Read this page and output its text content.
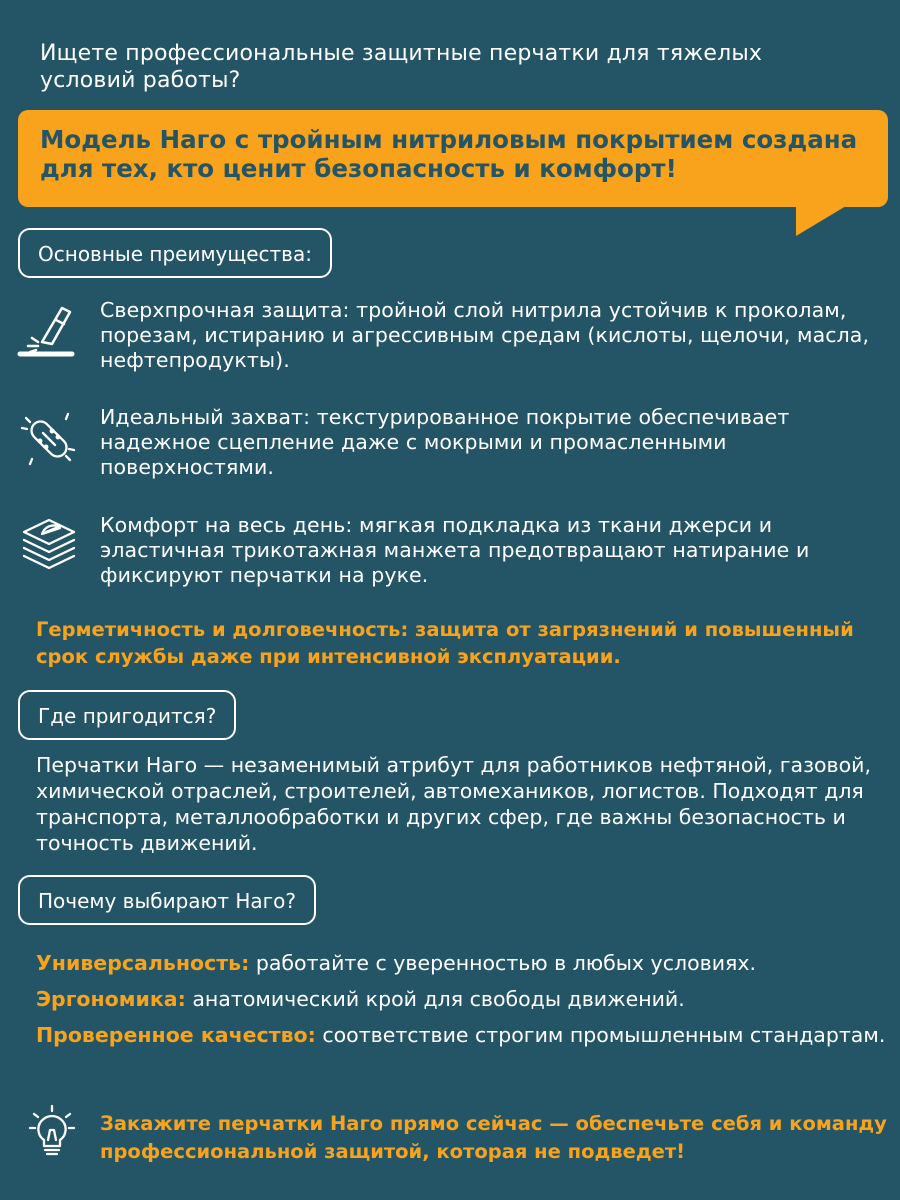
Ищете профессиональные защитные перчатки для тяжелых условий работы?
Модель Наго с тройным нитриловым покрытием создана для тех, кто ценит безопасность и комфорт!
Основные преимущества:
Сверхпрочная защита: тройной слой нитрила устойчив к проколам, порезам, истиранию и агрессивным средам (кислоты, щелочи, масла, нефтепродукты).
Идеальный захват: текстурированное покрытие обеспечивает надежное сцепление даже с мокрыми и промасленными поверхностями.
Комфорт на весь день: мягкая подкладка из ткани джерси и эластичная трикотажная манжета предотвращают натирание и фиксируют перчатки на руке.
Герметичность и долговечность: защита от загрязнений и повышенный срок службы даже при интенсивной эксплуатации.
Где пригодится?
Перчатки Наго — незаменимый атрибут для работников нефтяной, газовой, химической отраслей, строителей, автомехаников, логистов. Подходят для транспорта, металлообработки и других сфер, где важны безопасность и точность движений.
Почему выбирают Наго?
Универсальность: работайте с уверенностью в любых условиях.
Эргономика: анатомический крой для свободы движений.
Проверенное качество: соответствие строгим промышленным стандартам.
Закажите перчатки Наго прямо сейчас — обеспечьте себя и команду профессиональной защитой, которая не подведет!
